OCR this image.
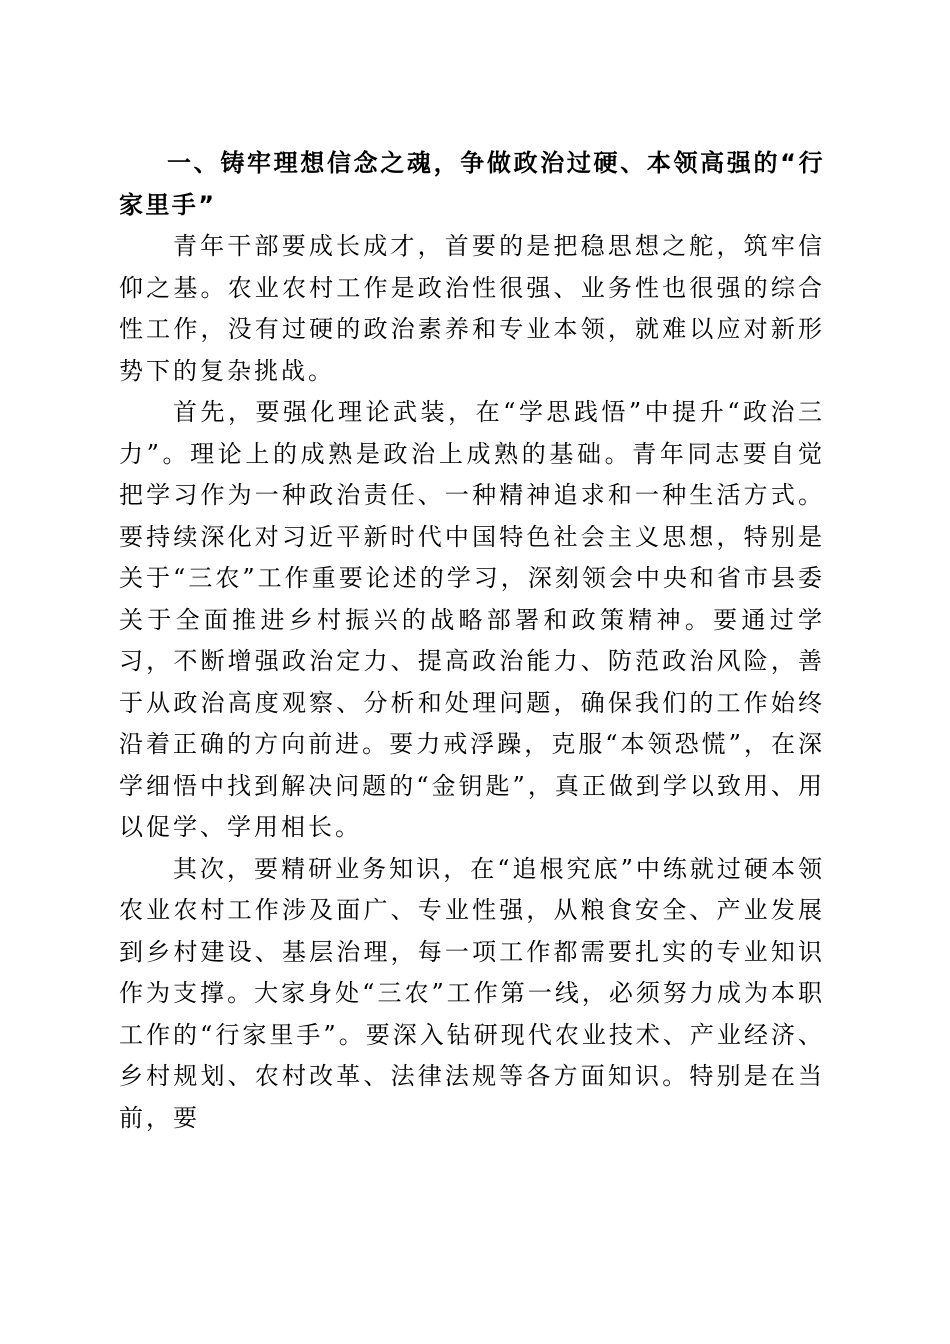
一、铸牢理想信念之魂，争做政治过硬、本领高强的“行家里手”

青年干部要成长成才，首要的是把稳思想之舵，筑牢信仰之基。农业农村工作是政治性很强、业务性也很强的综合性工作，没有过硬的政治素养和专业本领，就难以应对新形势下的复杂挑战。

首先，要强化理论武装，在“学思践悟”中提升“政治三力”。理论上的成熟是政治上成熟的基础。青年同志要自觉把学习作为一种政治责任、一种精神追求和一种生活方式。要持续深化对习近平新时代中国特色社会主义思想，特别是关于“三农”工作重要论述的学习，深刻领会中央和省市县委关于全面推进乡村振兴的战略部署和政策精神。要通过学习，不断增强政治定力、提高政治能力、防范政治风险，善于从政治高度观察、分析和处理问题，确保我们的工作始终沿着正确的方向前进。要力戒浮躁，克服“本领恐慌”，在深学细悟中找到解决问题的“金钥匙”，真正做到学以致用、用以促学、学用相长。

其次，要精研业务知识，在“追根究底”中练就过硬本领农业农村工作涉及面广、专业性强，从粮食安全、产业发展到乡村建设、基层治理，每一项工作都需要扎实的专业知识作为支撑。大家身处“三农”工作第一线，必须努力成为本职工作的“行家里手”。要深入钻研现代农业技术、产业经济、乡村规划、农村改革、法律法规等各方面知识。特别是在当前，要
